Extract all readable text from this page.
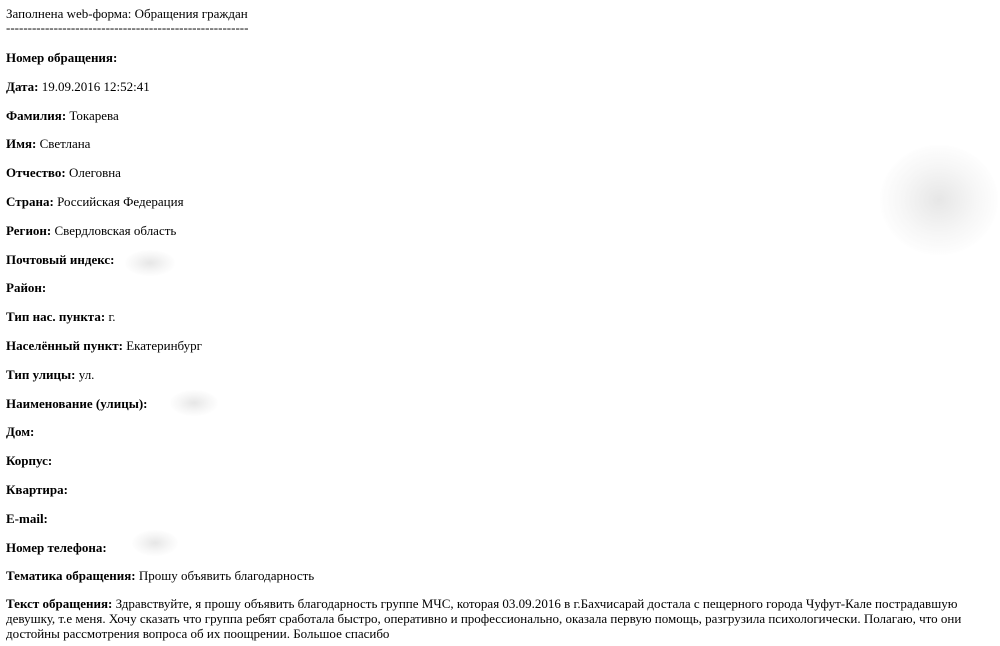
Заполнена web-форма: Обращения граждан
--------------------------------------------------------
Номер обращения:
Дата: 19.09.2016 12:52:41
Фамилия: Токарева
Имя: Светлана
Отчество: Олеговна
Страна: Российская Федерация
Регион: Свердловская область
Почтовый индекс:
Район:
Тип нас. пункта: г.
Населённый пункт: Екатеринбург
Тип улицы: ул.
Наименование (улицы):
Дом:
Корпус:
Квартира:
E-mail:
Номер телефона:
Тематика обращения: Прошу объявить благодарность
Текст обращения: Здравствуйте, я прошу объявить благодарность группе МЧС, которая 03.09.2016 в г.Бахчисарай достала с пещерного города Чуфут-Кале пострадавшую девушку, т.е меня. Хочу сказать что группа ребят сработала быстро, оперативно и профессионально, оказала первую помощь, разгрузила психологически. Полагаю, что они достойны рассмотрения вопроса об их поощрении. Большое спасибо
